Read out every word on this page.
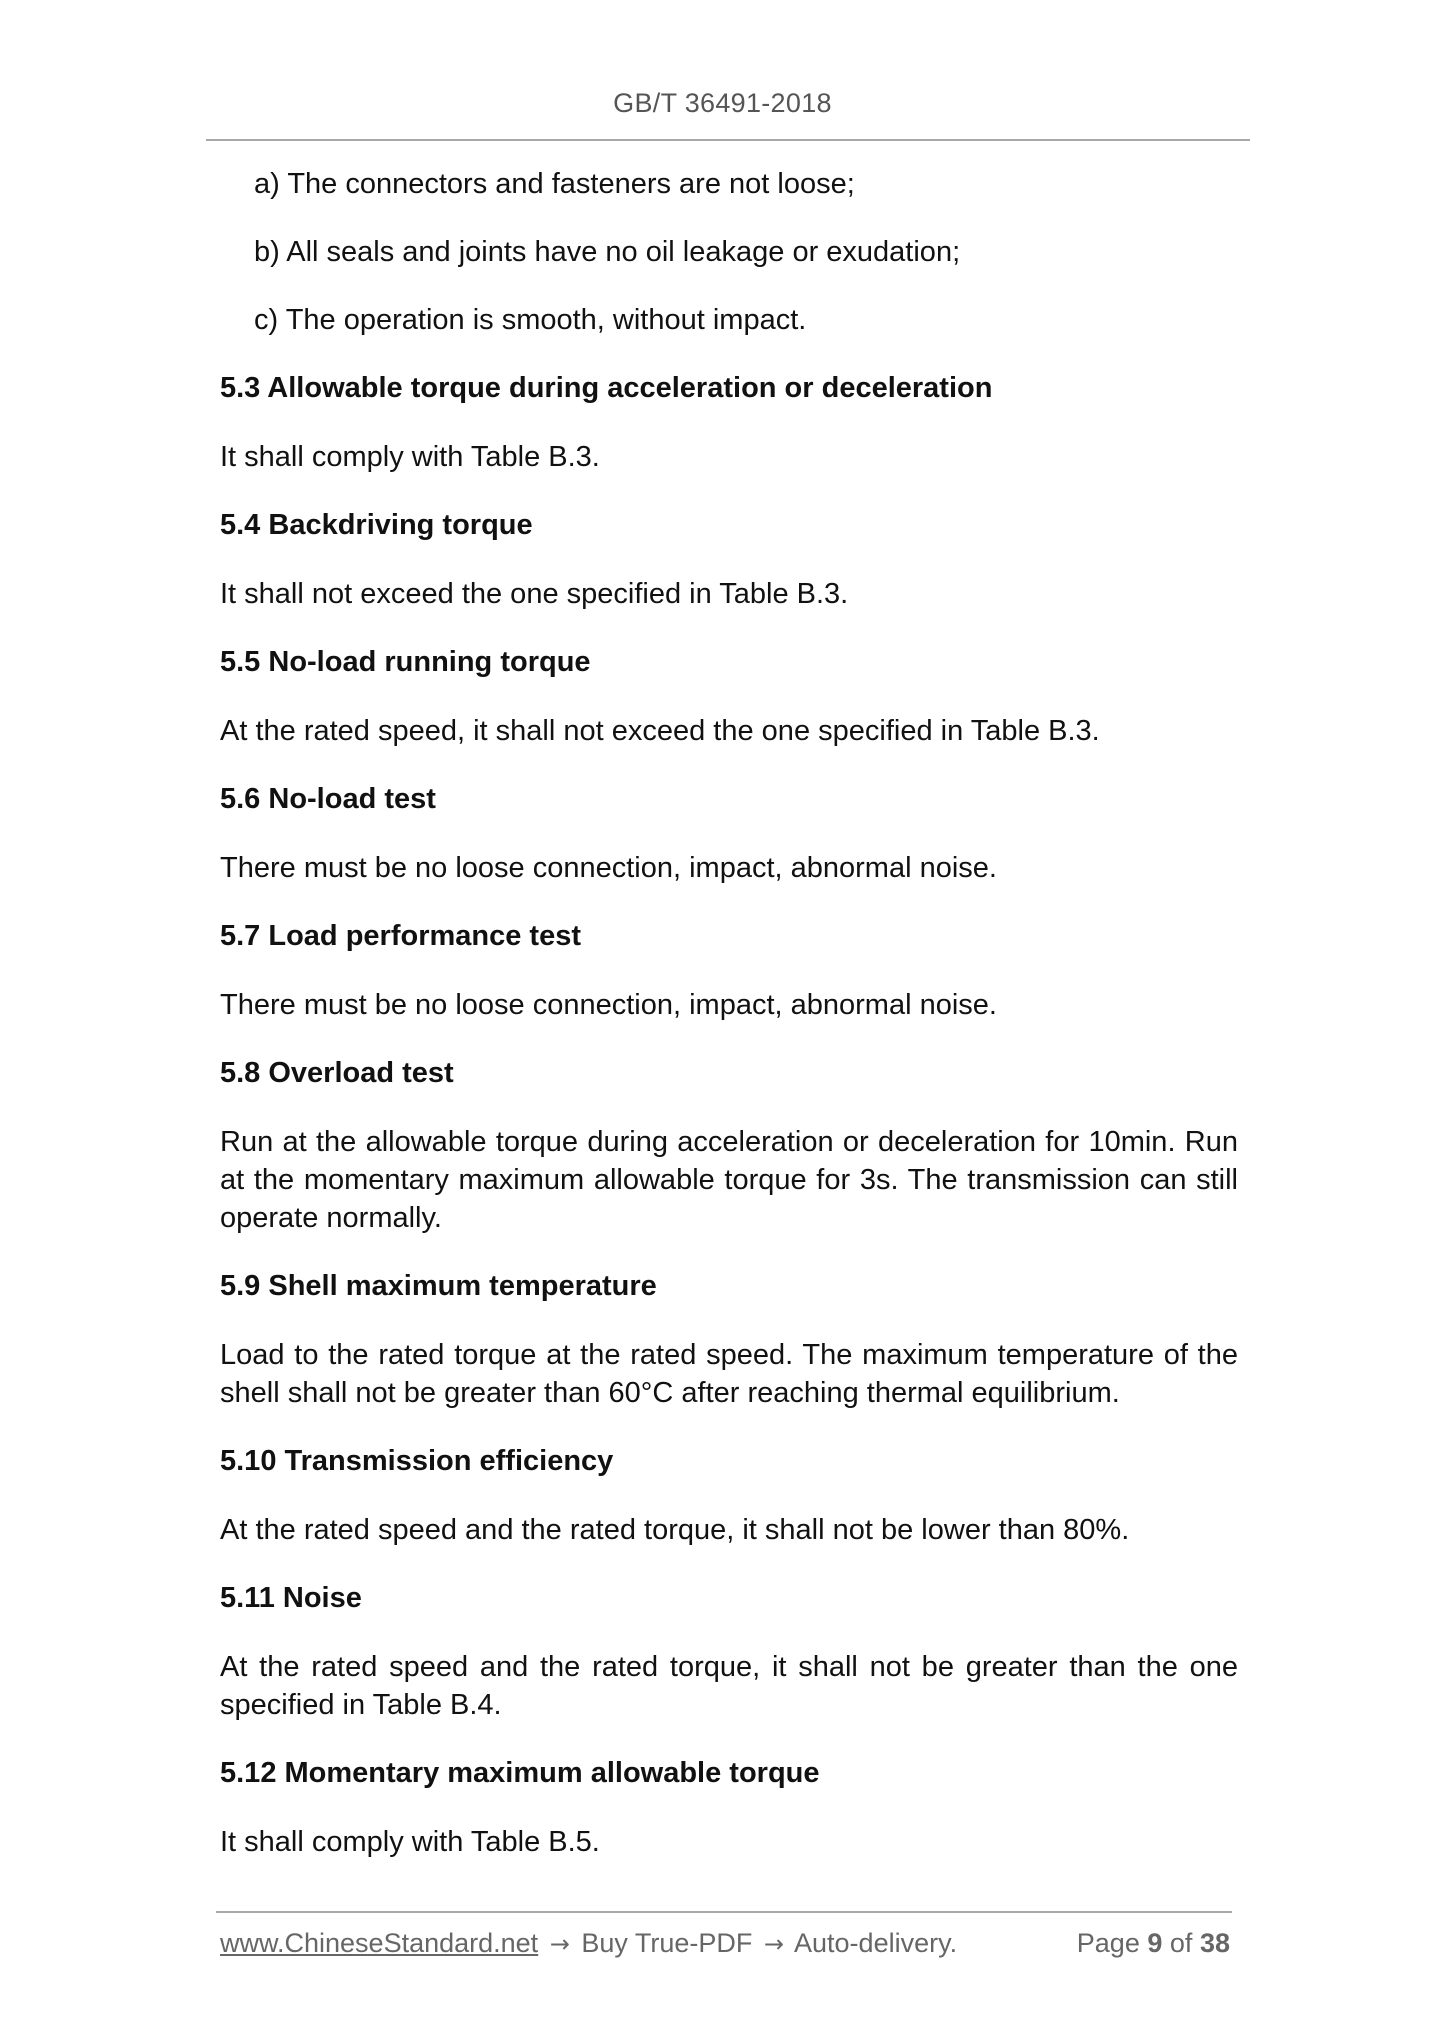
GB/T 36491-2018
a) The connectors and fasteners are not loose;
b) All seals and joints have no oil leakage or exudation;
c) The operation is smooth, without impact.
5.3 Allowable torque during acceleration or deceleration
It shall comply with Table B.3.
5.4 Backdriving torque
It shall not exceed the one specified in Table B.3.
5.5 No-load running torque
At the rated speed, it shall not exceed the one specified in Table B.3.
5.6 No-load test
There must be no loose connection, impact, abnormal noise.
5.7 Load performance test
There must be no loose connection, impact, abnormal noise.
5.8 Overload test
Run at the allowable torque during acceleration or deceleration for 10min. Run at the momentary maximum allowable torque for 3s. The transmission can still operate normally.
5.9 Shell maximum temperature
Load to the rated torque at the rated speed. The maximum temperature of the shell shall not be greater than 60°C after reaching thermal equilibrium.
5.10 Transmission efficiency
At the rated speed and the rated torque, it shall not be lower than 80%.
5.11 Noise
At the rated speed and the rated torque, it shall not be greater than the one specified in Table B.4.
5.12 Momentary maximum allowable torque
It shall comply with Table B.5.
www.ChineseStandard.net → Buy True-PDF → Auto-delivery.	Page 9 of 38
